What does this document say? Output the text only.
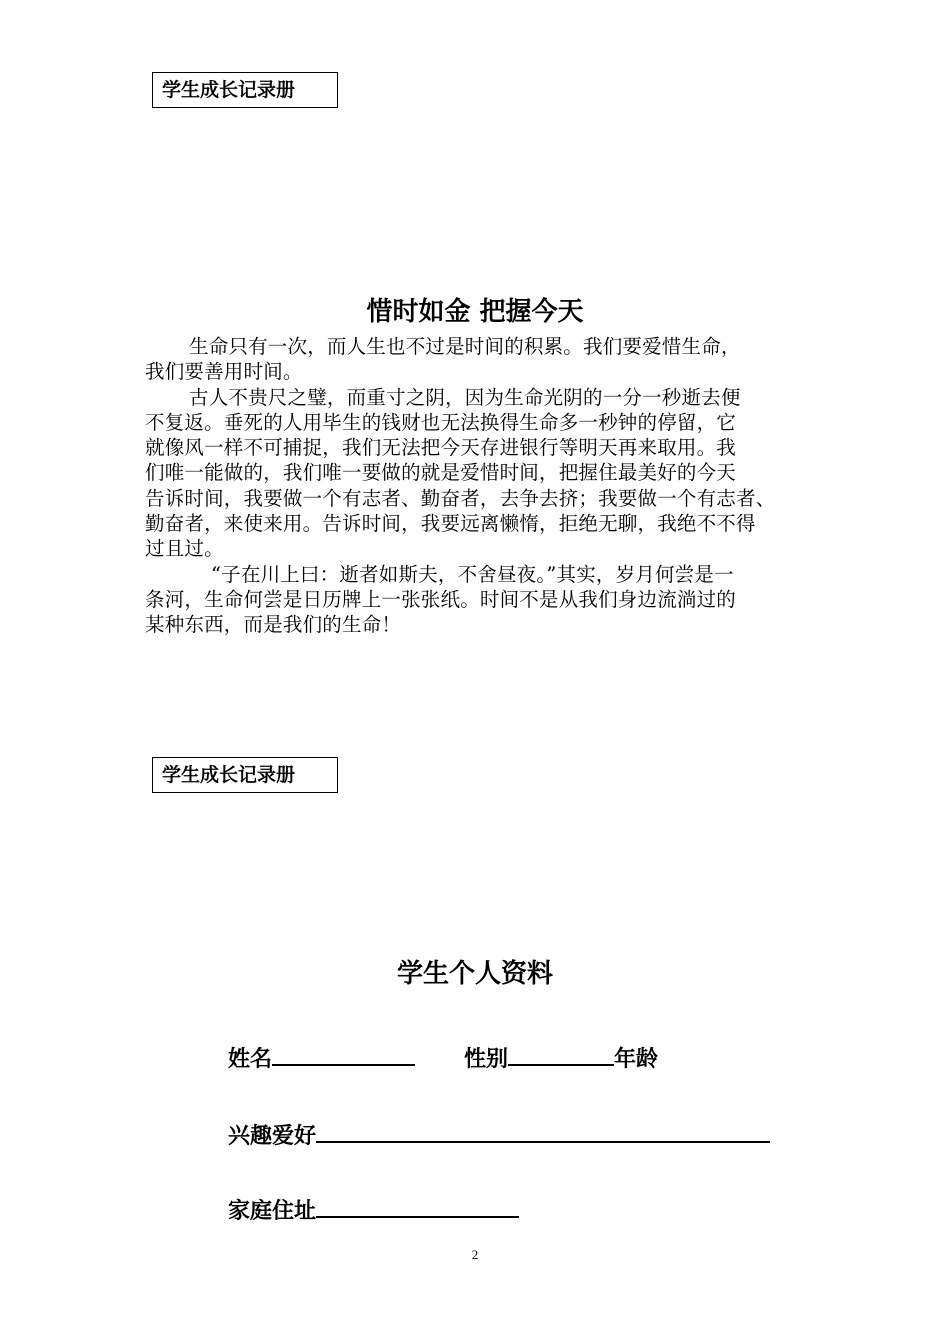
学生成长记录册
惜时如金 把握今天
生命只有一次，而人生也不过是时间的积累。我们要爱惜生命，
我们要善用时间。
古人不贵尺之璧，而重寸之阴，因为生命光阴的一分一秒逝去便
不复返。垂死的人用毕生的钱财也无法换得生命多一秒钟的停留，它
就像风一样不可捕捉，我们无法把今天存进银行等明天再来取用。我
们唯一能做的，我们唯一要做的就是爱惜时间，把握住最美好的今天
告诉时间，我要做一个有志者、勤奋者，去争去挤；我要做一个有志者、
勤奋者，来使来用。告诉时间，我要远离懒惰，拒绝无聊，我绝不不得
过且过。
“子在川上曰：逝者如斯夫，不舍昼夜。”其实，岁月何尝是一
条河，生命何尝是日历牌上一张张纸。时间不是从我们身边流淌过的
某种东西，而是我们的生命！
学生成长记录册
学生个人资料
姓名	性别	年龄
兴趣爱好
家庭住址
2
